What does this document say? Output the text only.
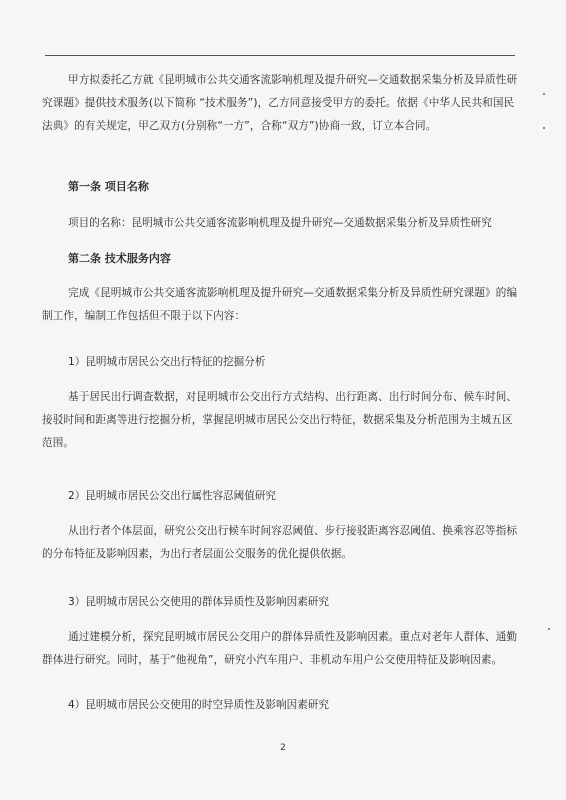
甲方拟委托乙方就《昆明城市公共交通客流影响机理及提升研究—交通数据采集分析及异质性研究课题》提供技术服务(以下简称 “技术服务”)，乙方同意接受甲方的委托。依据《中华人民共和国民法典》的有关规定，甲乙双方(分别称“一方”，合称“双方”)协商一致，订立本合同。

第一条 项目名称

项目的名称：昆明城市公共交通客流影响机理及提升研究—交通数据采集分析及异质性研究

第二条 技术服务内容

完成《昆明城市公共交通客流影响机理及提升研究—交通数据采集分析及异质性研究课题》的编制工作，编制工作包括但不限于以下内容：

1）昆明城市居民公交出行特征的挖掘分析

基于居民出行调查数据，对昆明城市公交出行方式结构、出行距离、出行时间分布、候车时间、接驳时间和距离等进行挖掘分析，掌握昆明城市居民公交出行特征，数据采集及分析范围为主城五区范围。

2）昆明城市居民公交出行属性容忍阈值研究

从出行者个体层面，研究公交出行候车时间容忍阈值、步行接驳距离容忍阈值、换乘容忍等指标的分布特征及影响因素，为出行者层面公交服务的优化提供依据。

3）昆明城市居民公交使用的群体异质性及影响因素研究

通过建模分析，探究昆明城市居民公交用户的群体异质性及影响因素。重点对老年人群体、通勤群体进行研究。同时，基于“他视角”，研究小汽车用户、非机动车用户公交使用特征及影响因素。

4）昆明城市居民公交使用的时空异质性及影响因素研究

2
